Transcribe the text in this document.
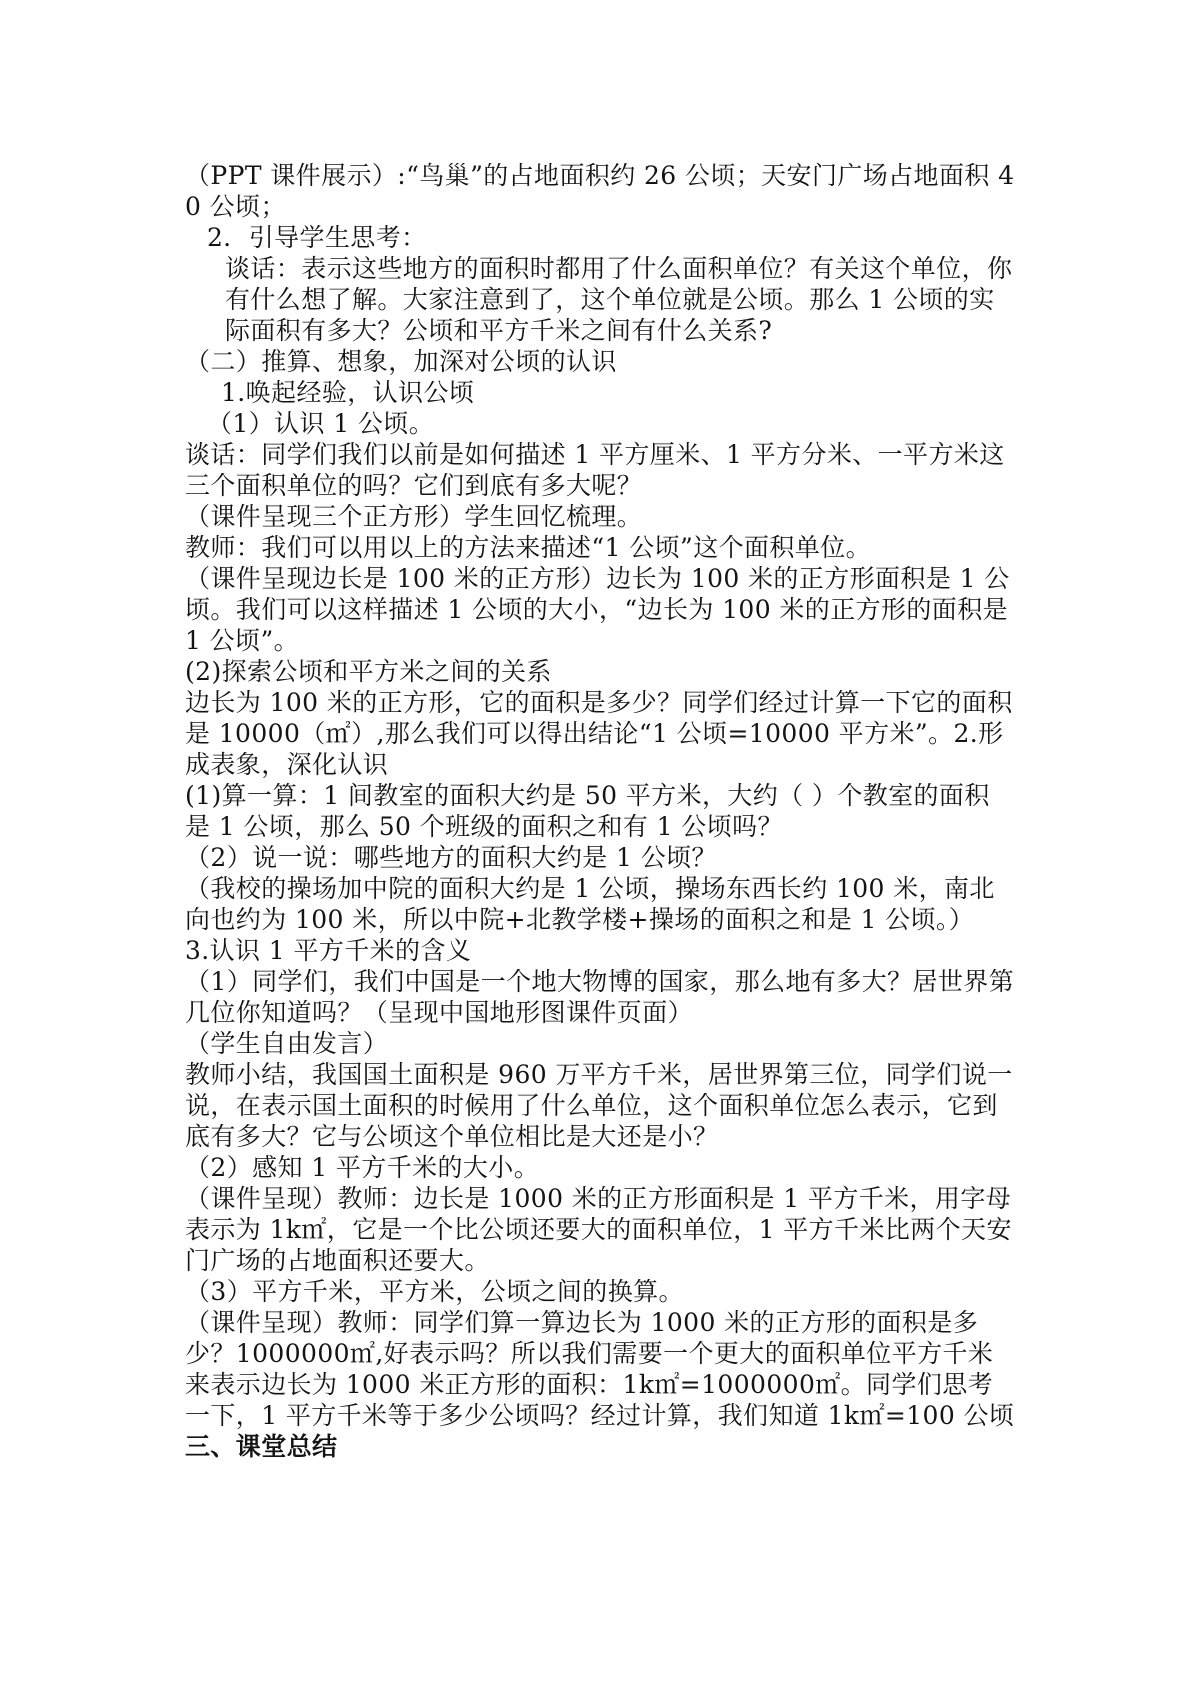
（PPT 课件展示）:“鸟巢”的占地面积约 26 公顷；天安门广场占地面积 40 公顷；

2．引导学生思考：

谈话：表示这些地方的面积时都用了什么面积单位？有关这个单位，你有什么想了解。大家注意到了，这个单位就是公顷。那么 1 公顷的实际面积有多大？公顷和平方千米之间有什么关系?

（二）推算、想象，加深对公顷的认识

1.唤起经验，认识公顷

（1）认识 1 公顷。

谈话：同学们我们以前是如何描述 1 平方厘米、1 平方分米、一平方米这三个面积单位的吗？它们到底有多大呢？

（课件呈现三个正方形）学生回忆梳理。

教师：我们可以用以上的方法来描述“1 公顷”这个面积单位。

（课件呈现边长是 100 米的正方形）边长为 100 米的正方形面积是 1 公顷。我们可以这样描述 1 公顷的大小，“边长为 100 米的正方形的面积是 1 公顷”。

(2)探索公顷和平方米之间的关系

边长为 100 米的正方形，它的面积是多少？同学们经过计算一下它的面积是 10000（㎡）,那么我们可以得出结论“1 公顷=10000 平方米”。2.形成表象，深化认识

(1)算一算：1 间教室的面积大约是 50 平方米，大约（ ）个教室的面积是 1 公顷，那么 50 个班级的面积之和有 1 公顷吗？

（2）说一说：哪些地方的面积大约是 1 公顷？

（我校的操场加中院的面积大约是 1 公顷，操场东西长约 100 米，南北向也约为 100 米，所以中院+北教学楼+操场的面积之和是 1 公顷。）

3.认识 1 平方千米的含义

（1）同学们，我们中国是一个地大物博的国家，那么地有多大？居世界第几位你知道吗？（呈现中国地形图课件页面）

（学生自由发言）

教师小结，我国国土面积是 960 万平方千米，居世界第三位，同学们说一说，在表示国土面积的时候用了什么单位，这个面积单位怎么表示，它到底有多大？它与公顷这个单位相比是大还是小？

（2）感知 1 平方千米的大小。

（课件呈现）教师：边长是 1000 米的正方形面积是 1 平方千米，用字母表示为 1k㎡，它是一个比公顷还要大的面积单位，1 平方千米比两个天安门广场的占地面积还要大。

（3）平方千米，平方米，公顷之间的换算。

（课件呈现）教师：同学们算一算边长为 1000 米的正方形的面积是多少？1000000㎡,好表示吗？所以我们需要一个更大的面积单位平方千米来表示边长为 1000 米正方形的面积：1k㎡=1000000㎡。同学们思考一下，1 平方千米等于多少公顷吗？经过计算，我们知道 1k㎡=100 公顷

三、课堂总结
